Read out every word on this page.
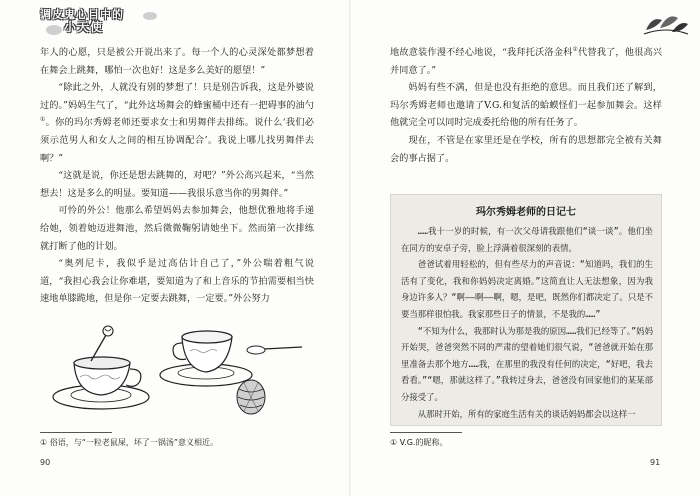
调皮鬼心目中的
小天使

年人的心愿，只是被公开说出来了。每一个人的心灵深处都梦想着在舞会上跳舞，哪怕一次也好！这是多么美好的愿望！”

“除此之外，人就没有别的梦想了！只是别告诉我，这是外婆说过的。”妈妈生气了，“此外这场舞会的蜂蜜桶中还有一把碍事的油勺①。你的玛尔秀姆老师还要求女士和男舞伴去排练。说什么‘我们必须示范男人和女人之间的相互协调配合’。我说上哪儿找男舞伴去啊？”

“这就是说，你还是想去跳舞的，对吧？”外公高兴起来，“当然想去！这是多么的明显。要知道——我很乐意当你的男舞伴。”

可怜的外公！他那么希望妈妈去参加舞会，他想优雅地将手递给她，领着她迈进舞池，然后微微鞠躬请她坐下。然而第一次排练就打断了他的计划。

“奥列尼卡，我似乎是过高估计自己了，”外公喘着粗气说道，“我担心我会让你难堪，要知道为了和上音乐的节拍需要相当快速地单膝跪地，但是你一定要去跳舞，一定要。”外公努力

① 俗语，与“一粒老鼠屎，坏了一锅汤”意义相近。
90

地故意装作漫不经心地说，“我拜托沃洛金科①代替我了，他很高兴并同意了。”

妈妈有些不满，但是也没有拒绝的意思。而且我们还了解到，玛尔秀姆老师也邀请了V.G.和复活的蛤蟆怪们一起参加舞会。这样他就完全可以同时完成委托给他的所有任务了。

现在，不管是在家里还是在学校，所有的思想都完全被有关舞会的事占据了。

玛尔秀姆老师的日记七

……我十一岁的时候，有一次父母请我跟他们“谈一谈”。他们坐在同方的安卓子旁，脸上浮满着很深刻的表情。

爸爸试着用轻松的，但有些尽力的声音说：“知道吗，我们的生活有了变化，我和你妈妈决定离婚。”这简直让人无法想象，因为我身边许多人？“啊——啊——啊，嗯，是吧，既然你们都决定了。只是不要当那样很怕我。我家那些日子的情景，不是我的……”

“不知为什么，我那时认为那是我的原因……我们已经等了。”妈妈开始哭，爸爸突然不同的严肃的望着她们很气说，“爸爸就开始在那里准备去那个地方……我，在那里的我没有任何的决定，“好吧，我去看看。”“嗯，那就这样了。”我转过身去，爸爸没有回家他们的某某部分接受了。

从那时开始，所有的家庭生活有关的谈话妈妈都会以这样一

① V.G.的昵称。
91
